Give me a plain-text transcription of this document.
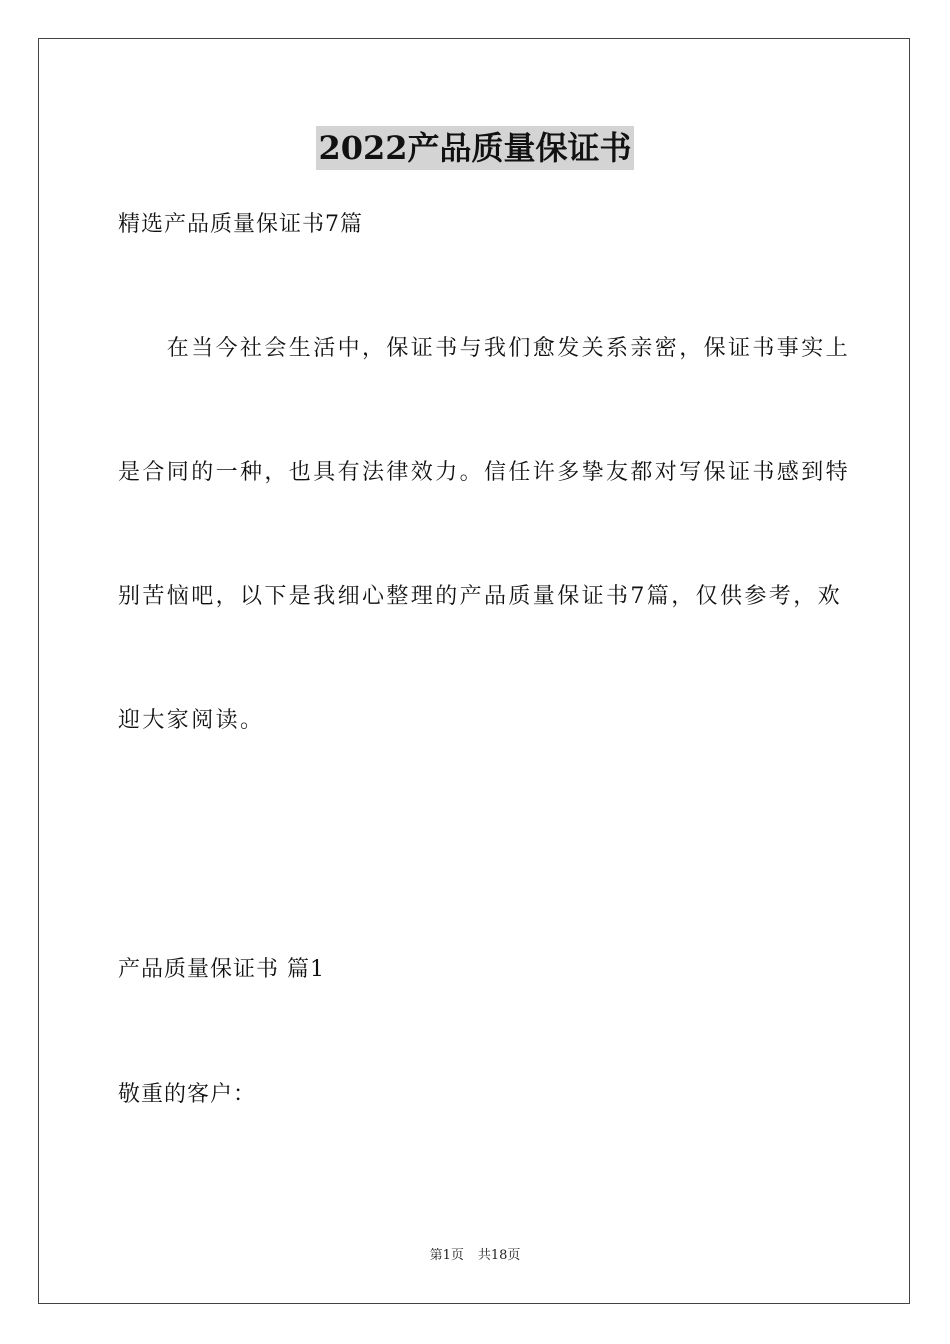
2022产品质量保证书
精选产品质量保证书7篇
　　在当今社会生活中，保证书与我们愈发关系亲密，保证书事实上
是合同的一种，也具有法律效力。信任许多挚友都对写保证书感到特
别苦恼吧，以下是我细心整理的产品质量保证书7篇，仅供参考，欢
迎大家阅读。
产品质量保证书 篇1
敬重的客户：
第1页 共18页
